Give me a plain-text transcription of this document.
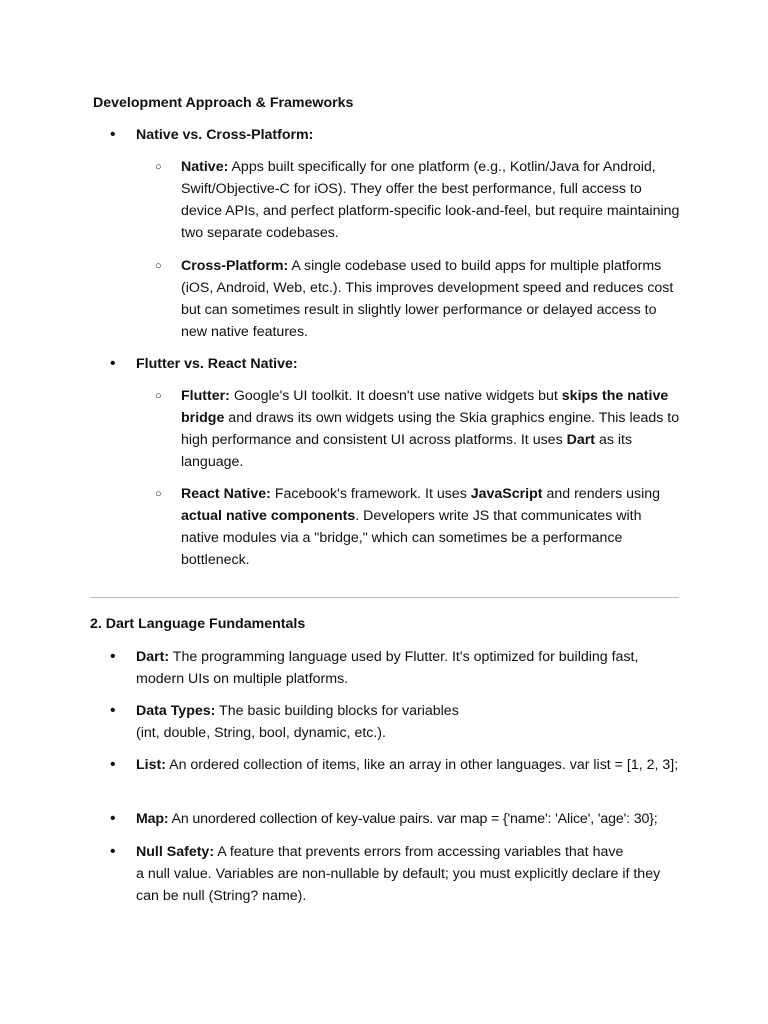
Development Approach & Frameworks
• Native vs. Cross-Platform:
○ Native: Apps built specifically for one platform (e.g., Kotlin/Java for Android, Swift/Objective-C for iOS). They offer the best performance, full access to device APIs, and perfect platform-specific look-and-feel, but require maintaining two separate codebases.
○ Cross-Platform: A single codebase used to build apps for multiple platforms (iOS, Android, Web, etc.). This improves development speed and reduces cost but can sometimes result in slightly lower performance or delayed access to new native features.
• Flutter vs. React Native:
○ Flutter: Google's UI toolkit. It doesn't use native widgets but skips the native bridge and draws its own widgets using the Skia graphics engine. This leads to high performance and consistent UI across platforms. It uses Dart as its language.
○ React Native: Facebook's framework. It uses JavaScript and renders using actual native components. Developers write JS that communicates with native modules via a "bridge," which can sometimes be a performance bottleneck.
2. Dart Language Fundamentals
• Dart: The programming language used by Flutter. It's optimized for building fast, modern UIs on multiple platforms.
• Data Types: The basic building blocks for variables
(int, double, String, bool, dynamic, etc.).
• List: An ordered collection of items, like an array in other languages. var list = [1, 2, 3];
• Map: An unordered collection of key-value pairs. var map = {'name': 'Alice', 'age': 30};
• Null Safety: A feature that prevents errors from accessing variables that have
a null value. Variables are non-nullable by default; you must explicitly declare if they can be null (String? name).
